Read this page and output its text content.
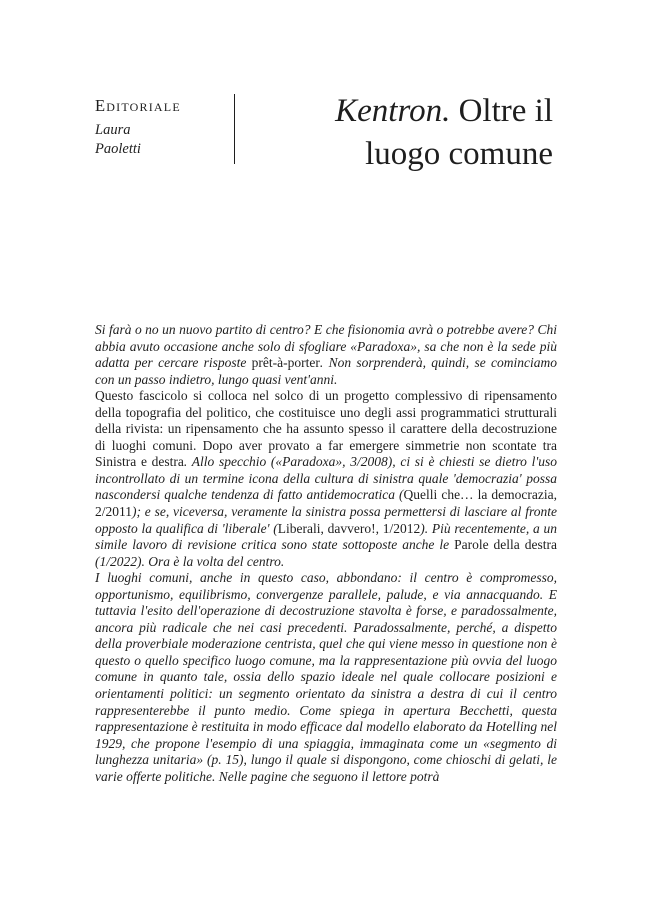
Editoriale
Laura
Paoletti
Kentron. Oltre il
luogo comune

Si farà o no un nuovo partito di centro? E che fisionomia avrà o potrebbe avere? Chi abbia avuto occasione anche solo di sfogliare «Paradoxa», sa che non è la sede più adatta per cercare risposte prêt-à-porter. Non sorprenderà, quindi, se cominciamo con un passo indietro, lungo quasi vent'anni.

Questo fascicolo si colloca nel solco di un progetto complessivo di ripensamento della topografia del politico, che costituisce uno degli assi programmatici strutturali della rivista: un ripensamento che ha assunto spesso il carattere della decostruzione di luoghi comuni. Dopo aver provato a far emergere simmetrie non scontate tra Sinistra e destra. Allo specchio («Paradoxa», 3/2008), ci si è chiesti se dietro l'uso incontrollato di un termine icona della cultura di sinistra quale 'democrazia' possa nascondersi qualche tendenza di fatto antidemocratica (Quelli che… la democrazia, 2/2011); e se, viceversa, veramente la sinistra possa permettersi di lasciare al fronte opposto la qualifica di 'liberale' (Liberali, davvero!, 1/2012). Più recentemente, a un simile lavoro di revisione critica sono state sottoposte anche le Parole della destra (1/2022). Ora è la volta del centro.

I luoghi comuni, anche in questo caso, abbondano: il centro è compromesso, opportunismo, equilibrismo, convergenze parallele, palude, e via annacquando. E tuttavia l'esito dell'operazione di decostruzione stavolta è forse, e paradossalmente, ancora più radicale che nei casi precedenti. Paradossalmente, perché, a dispetto della proverbiale moderazione centrista, quel che qui viene messo in questione non è questo o quello specifico luogo comune, ma la rappresentazione più ovvia del luogo comune in quanto tale, ossia dello spazio ideale nel quale collocare posizioni e orientamenti politici: un segmento orientato da sinistra a destra di cui il centro rappresenterebbe il punto medio. Come spiega in apertura Becchetti, questa rappresentazione è restituita in modo efficace dal modello elaborato da Hotelling nel 1929, che propone l'esempio di una spiaggia, immaginata come un «segmento di lunghezza unitaria» (p. 15), lungo il quale si dispongono, come chioschi di gelati, le varie offerte politiche. Nelle pagine che seguono il lettore potrà
